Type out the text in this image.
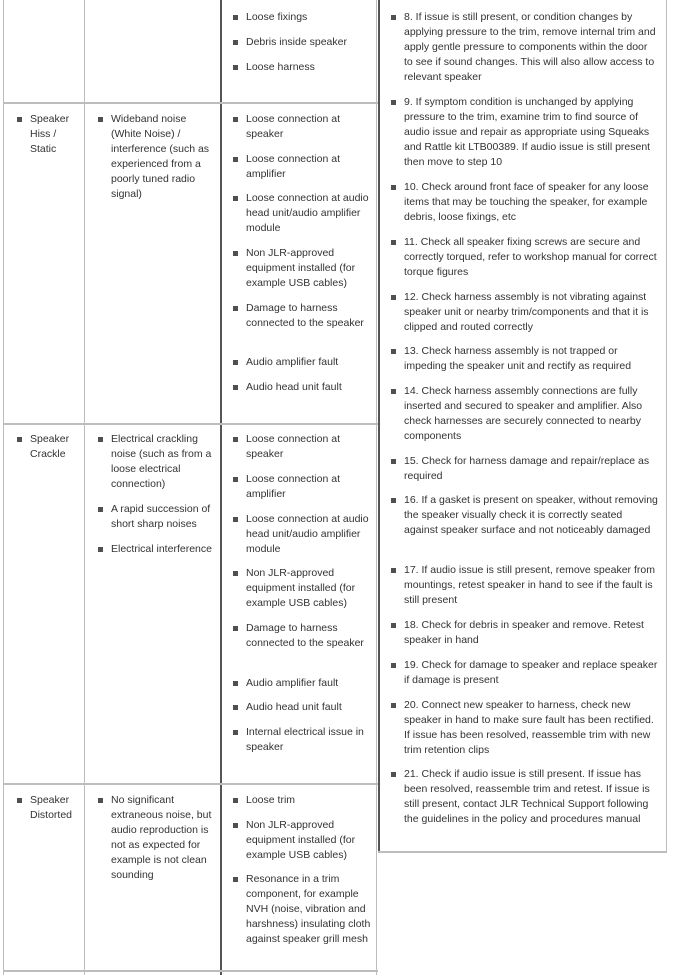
Loose fixings
Debris inside speaker
Loose harness
Speaker Hiss / Static
Wideband noise (White Noise) / interference (such as experienced from a poorly tuned radio signal)
Loose connection at speaker
Loose connection at amplifier
Loose connection at audio head unit/audio amplifier module
Non JLR-approved equipment installed (for example USB cables)
Damage to harness connected to the speaker
Audio amplifier fault
Audio head unit fault
Speaker Crackle
Electrical crackling noise (such as from a loose electrical connection)
A rapid succession of short sharp noises
Electrical interference
Loose connection at speaker
Loose connection at amplifier
Loose connection at audio head unit/audio amplifier module
Non JLR-approved equipment installed (for example USB cables)
Damage to harness connected to the speaker
Audio amplifier fault
Audio head unit fault
Internal electrical issue in speaker
Speaker Distorted
No significant extraneous noise, but audio reproduction is not as expected for example is not clean sounding
Loose trim
Non JLR-approved equipment installed (for example USB cables)
Resonance in a trim component, for example NVH (noise, vibration and harshness) insulating cloth against speaker grill mesh
8. If issue is still present, or condition changes by applying pressure to the trim, remove internal trim and apply gentle pressure to components within the door to see if sound changes. This will also allow access to relevant speaker
9. If symptom condition is unchanged by applying pressure to the trim, examine trim to find source of audio issue and repair as appropriate using Squeaks and Rattle kit LTB00389. If audio issue is still present then move to step 10
10. Check around front face of speaker for any loose items that may be touching the speaker, for example debris, loose fixings, etc
11. Check all speaker fixing screws are secure and correctly torqued, refer to workshop manual for correct torque figures
12. Check harness assembly is not vibrating against speaker unit or nearby trim/components and that it is clipped and routed correctly
13. Check harness assembly is not trapped or impeding the speaker unit and rectify as required
14. Check harness assembly connections are fully inserted and secured to speaker and amplifier. Also check harnesses are securely connected to nearby components
15. Check for harness damage and repair/replace as required
16. If a gasket is present on speaker, without removing the speaker visually check it is correctly seated against speaker surface and not noticeably damaged
17. If audio issue is still present, remove speaker from mountings, retest speaker in hand to see if the fault is still present
18. Check for debris in speaker and remove. Retest speaker in hand
19. Check for damage to speaker and replace speaker if damage is present
20. Connect new speaker to harness, check new speaker in hand to make sure fault has been rectified. If issue has been resolved, reassemble trim with new trim retention clips
21. Check if audio issue is still present. If issue has been resolved, reassemble trim and retest. If issue is still present, contact JLR Technical Support following the guidelines in the policy and procedures manual
